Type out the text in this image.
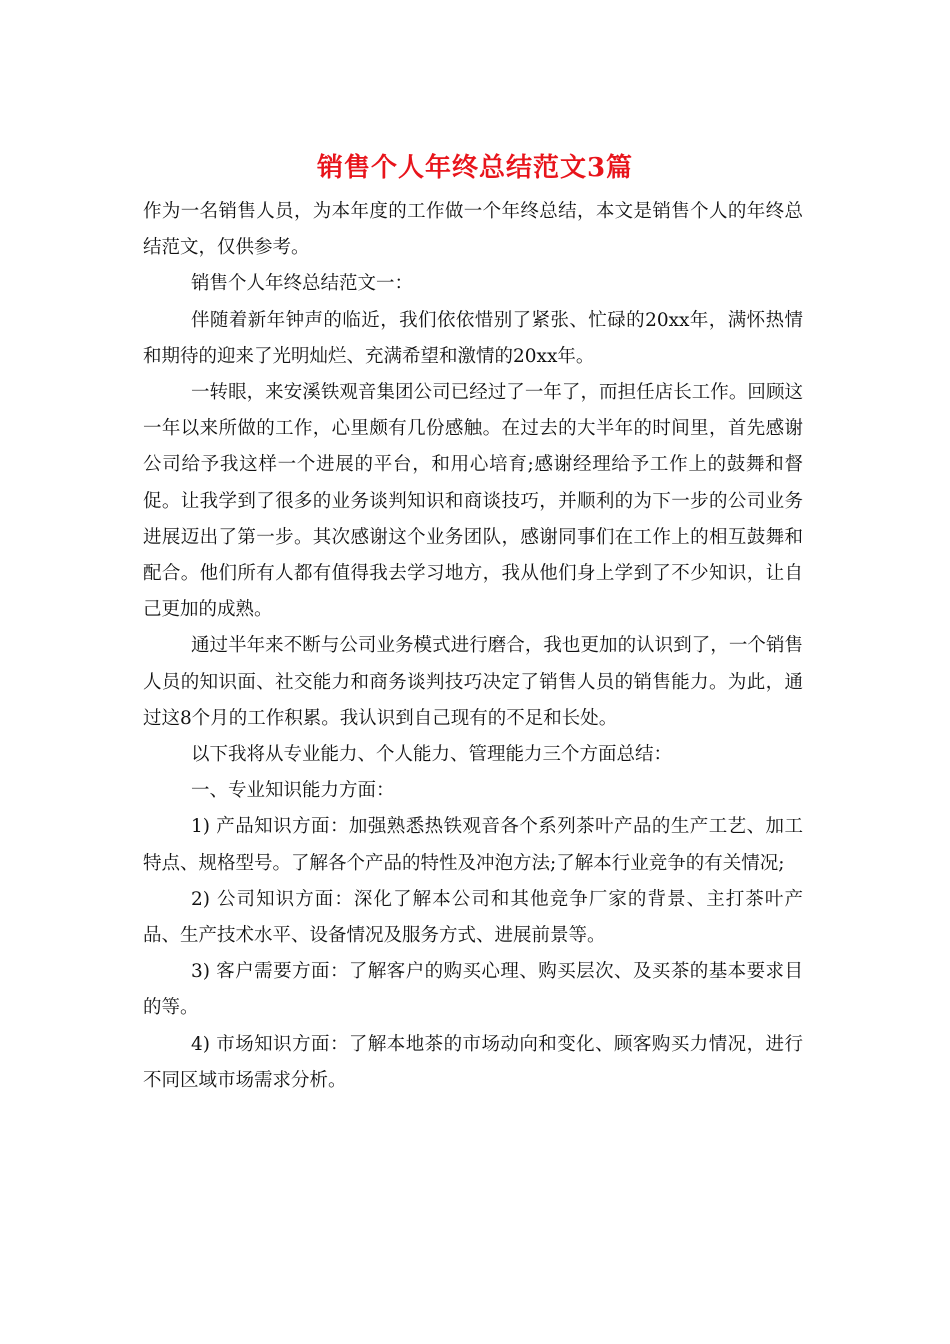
销售个人年终总结范文3篇

作为一名销售人员，为本年度的工作做一个年终总结，本文是销售个人的年终总结范文，仅供参考。

销售个人年终总结范文一：

伴随着新年钟声的临近，我们依依惜别了紧张、忙碌的20xx年，满怀热情和期待的迎来了光明灿烂、充满希望和激情的20xx年。

一转眼，来安溪铁观音集团公司已经过了一年了，而担任店长工作。回顾这一年以来所做的工作，心里颇有几份感触。在过去的大半年的时间里，首先感谢公司给予我这样一个进展的平台，和用心培育;感谢经理给予工作上的鼓舞和督促。让我学到了很多的业务谈判知识和商谈技巧，并顺利的为下一步的公司业务进展迈出了第一步。其次感谢这个业务团队，感谢同事们在工作上的相互鼓舞和配合。他们所有人都有值得我去学习地方，我从他们身上学到了不少知识，让自己更加的成熟。

通过半年来不断与公司业务模式进行磨合，我也更加的认识到了，一个销售人员的知识面、社交能力和商务谈判技巧决定了销售人员的销售能力。为此，通过这8个月的工作积累。我认识到自己现有的不足和长处。

以下我将从专业能力、个人能力、管理能力三个方面总结：

一、专业知识能力方面：

1) 产品知识方面：加强熟悉热铁观音各个系列茶叶产品的生产工艺、加工特点、规格型号。了解各个产品的特性及冲泡方法;了解本行业竞争的有关情况;

2) 公司知识方面：深化了解本公司和其他竞争厂家的背景、主打茶叶产品、生产技术水平、设备情况及服务方式、进展前景等。

3) 客户需要方面：了解客户的购买心理、购买层次、及买茶的基本要求目的等。

4) 市场知识方面：了解本地茶的市场动向和变化、顾客购买力情况，进行不同区域市场需求分析。
